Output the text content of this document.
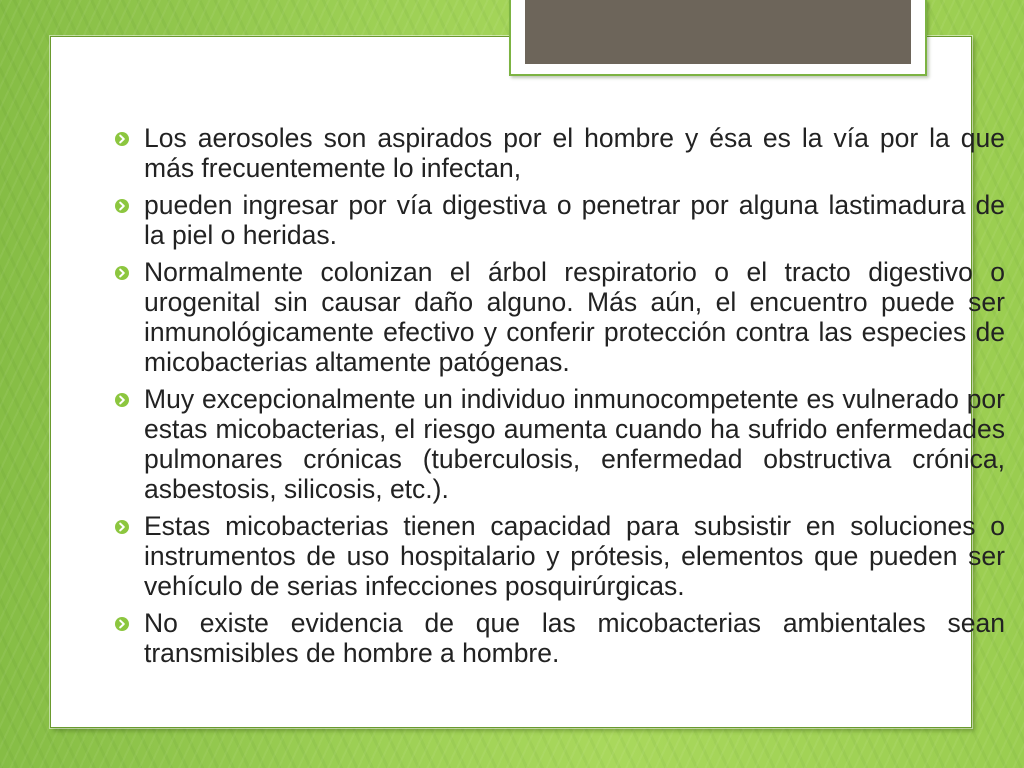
Los aerosoles son aspirados por el hombre y ésa es la vía por la que más frecuentemente lo infectan,
pueden ingresar por vía digestiva o penetrar por alguna lastimadura de la piel o heridas.
Normalmente colonizan el árbol respiratorio o el tracto digestivo o urogenital sin causar daño alguno. Más aún, el encuentro puede ser inmunológicamente efectivo y conferir protección contra las especies de micobacterias altamente patógenas.
Muy excepcionalmente un individuo inmunocompetente es vulnerado por estas micobacterias, el riesgo aumenta cuando ha sufrido enfermedades pulmonares crónicas (tuberculosis, enfermedad obstructiva crónica, asbestosis, silicosis, etc.).
Estas micobacterias tienen capacidad para subsistir en soluciones o instrumentos de uso hospitalario y prótesis, elementos que pueden ser vehículo de serias infecciones posquirúrgicas.
No existe evidencia de que las micobacterias ambientales sean transmisibles de hombre a hombre.
